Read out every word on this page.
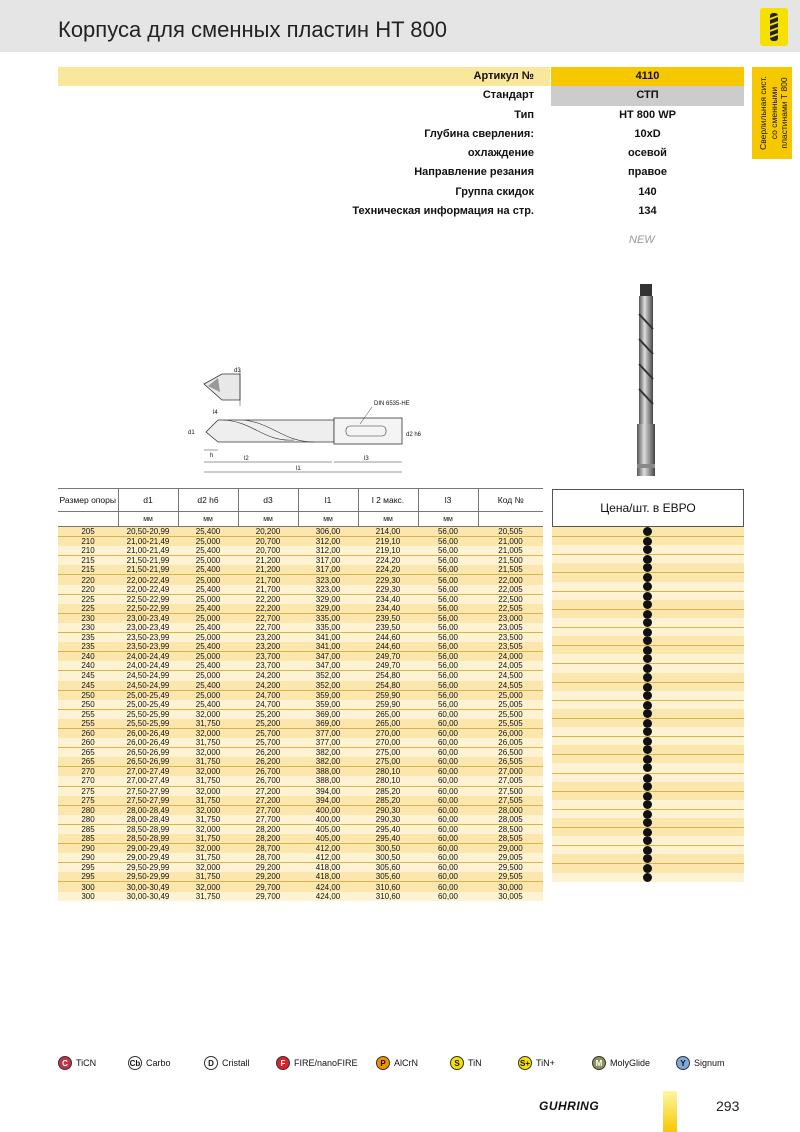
Корпуса для сменных пластин HT 800
Сверлильная сист. со сменными пластинами Т 800
Артикул №	4110
Стандарт	СТП
Тип	HT 800 WP
Глубина сверления:	10xD
охлаждение	осевой
Направление резания	правое
Группа скидок	140
Техническая информация на стр.	134
NEW
d3
DIN 6535-HE
l4
d1	d2 h6
h	l2	l3
l1
Размер опоры	d1	d2 h6	d3	l1	l 2 макс.	l3	Код №
	мм	мм	мм	мм	мм	мм	
205	20,50-20,99	25,400	20,200	306,00	214,00	56,00	20,505
210	21,00-21,49	25,000	20,700	312,00	219,10	56,00	21,000
210	21,00-21,49	25,400	20,700	312,00	219,10	56,00	21,005
215	21,50-21,99	25,000	21,200	317,00	224,20	56,00	21,500
215	21,50-21,99	25,400	21,200	317,00	224,20	56,00	21,505
220	22,00-22,49	25,000	21,700	323,00	229,30	56,00	22,000
220	22,00-22,49	25,400	21,700	323,00	229,30	56,00	22,005
225	22,50-22,99	25,000	22,200	329,00	234,40	56,00	22,500
225	22,50-22,99	25,400	22,200	329,00	234,40	56,00	22,505
230	23,00-23,49	25,000	22,700	335,00	239,50	56,00	23,000
230	23,00-23,49	25,400	22,700	335,00	239,50	56,00	23,005
235	23,50-23,99	25,000	23,200	341,00	244,60	56,00	23,500
235	23,50-23,99	25,400	23,200	341,00	244,60	56,00	23,505
240	24,00-24,49	25,000	23,700	347,00	249,70	56,00	24,000
240	24,00-24,49	25,400	23,700	347,00	249,70	56,00	24,005
245	24,50-24,99	25,000	24,200	352,00	254,80	56,00	24,500
245	24,50-24,99	25,400	24,200	352,00	254,80	56,00	24,505
250	25,00-25,49	25,000	24,700	359,00	259,90	56,00	25,000
250	25,00-25,49	25,400	24,700	359,00	259,90	56,00	25,005
255	25,50-25,99	32,000	25,200	369,00	265,00	60,00	25,500
255	25,50-25,99	31,750	25,200	369,00	265,00	60,00	25,505
260	26,00-26,49	32,000	25,700	377,00	270,00	60,00	26,000
260	26,00-26,49	31,750	25,700	377,00	270,00	60,00	26,005
265	26,50-26,99	32,000	26,200	382,00	275,00	60,00	26,500
265	26,50-26,99	31,750	26,200	382,00	275,00	60,00	26,505
270	27,00-27,49	32,000	26,700	388,00	280,10	60,00	27,000
270	27,00-27,49	31,750	26,700	388,00	280,10	60,00	27,005
275	27,50-27,99	32,000	27,200	394,00	285,20	60,00	27,500
275	27,50-27,99	31,750	27,200	394,00	285,20	60,00	27,505
280	28,00-28,49	32,000	27,700	400,00	290,30	60,00	28,000
280	28,00-28,49	31,750	27,700	400,00	290,30	60,00	28,005
285	28,50-28,99	32,000	28,200	405,00	295,40	60,00	28,500
285	28,50-28,99	31,750	28,200	405,00	295,40	60,00	28,505
290	29,00-29,49	32,000	28,700	412,00	300,50	60,00	29,000
290	29,00-29,49	31,750	28,700	412,00	300,50	60,00	29,005
295	29,50-29,99	32,000	29,200	418,00	305,60	60,00	29,500
295	29,50-29,99	31,750	29,200	418,00	305,60	60,00	29,505
300	30,00-30,49	32,000	29,700	424,00	310,60	60,00	30,000
300	30,00-30,49	31,750	29,700	424,00	310,60	60,00	30,005
Цена/шт. в ЕВРО
C TiCN	Cb Carbo	D Cristall	F FIRE/nanoFIRE	P AlCrN	S TiN	S+ TiN+	M MolyGlide	Y Signum
GUHRING	293
